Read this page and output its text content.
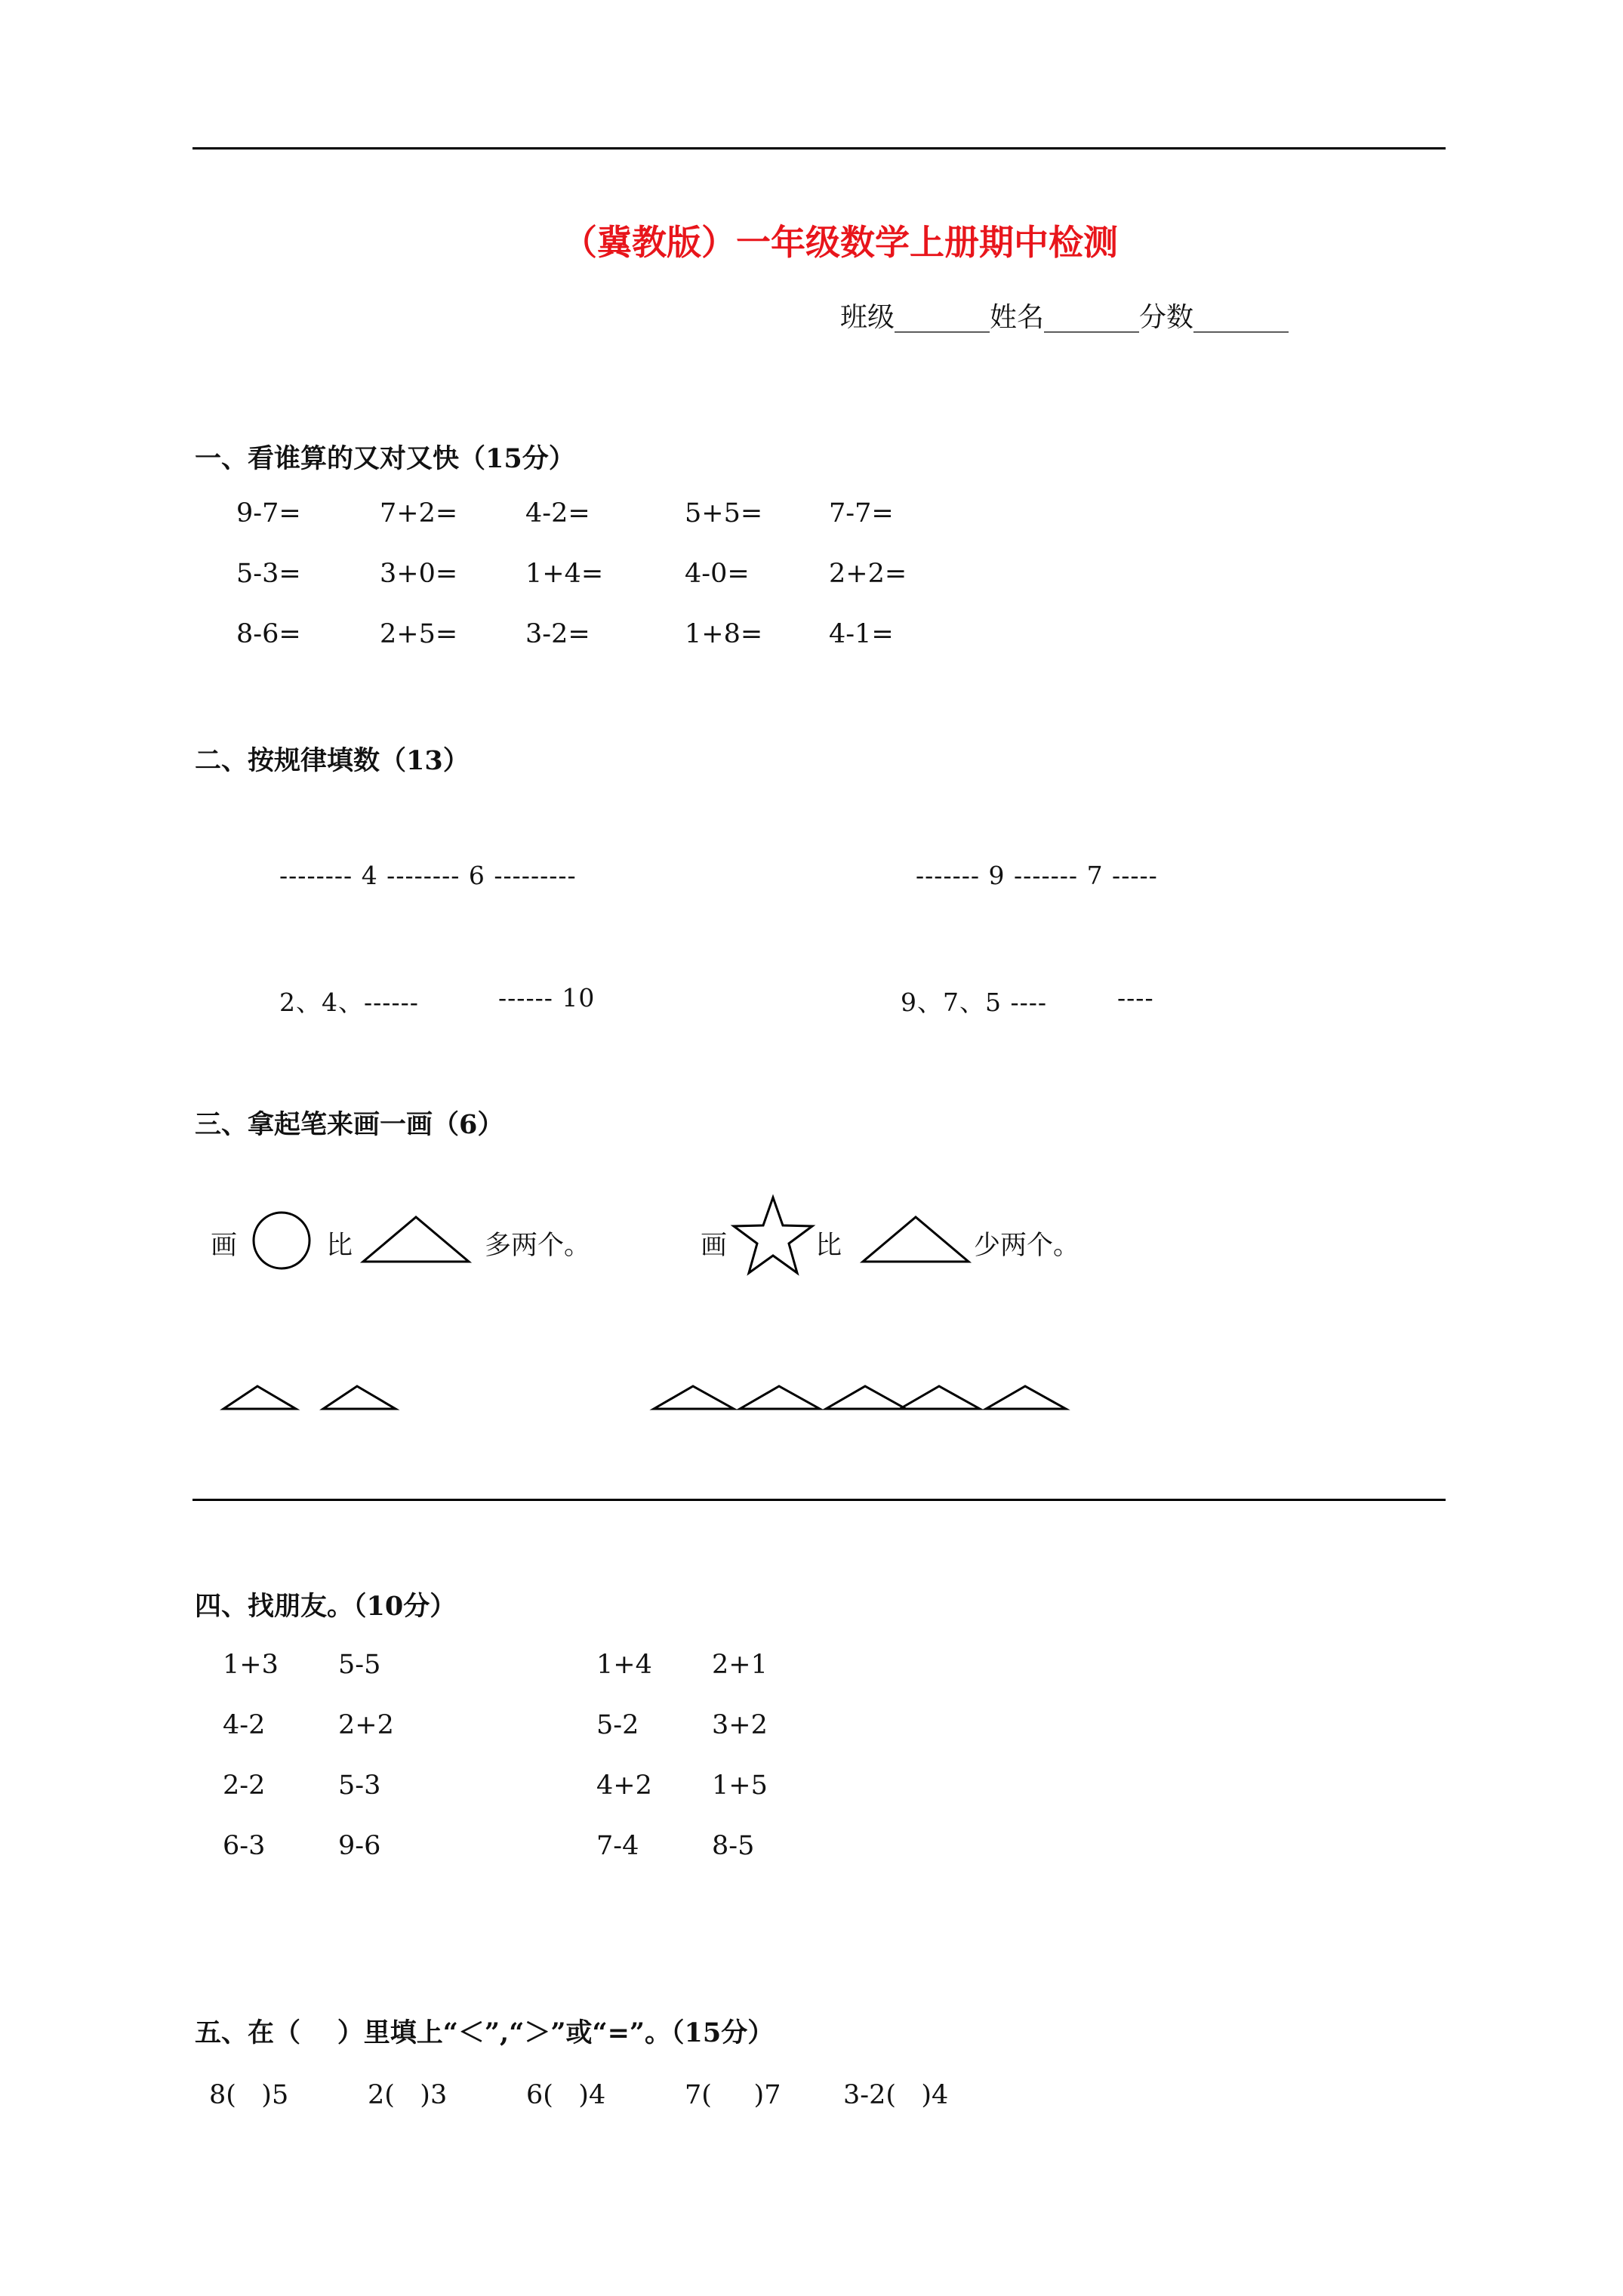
（冀教版）一年级数学上册期中检测
班级_______姓名_______分数_______
一、看谁算的又对又快（15分）
9-7=	7+2=	4-2=	5+5=	7-7=
5-3=	3+0=	1+4=	4-0=	2+2=
8-6=	2+5=	3-2=	1+8=	4-1=
二、按规律填数（13）
-------- 4 -------- 6 ---------	------- 9 ------- 7 -----
2、4、------	------ 10	9、7、5 ----	----
三、拿起笔来画一画（6）
画	比	多两个。	画	比	少两个。
四、找朋友。（10分）
1+3 5-5	1+4 2+1
4-2	2+2	5-2	3+2
2-2	5-3	4+2 1+5
6-3	9-6	7-4	8-5
五、在（    ）里填上“＜”,“＞”或“=”。（15分）
8(   )5	2(   )3	6(   )4	7(     )7 3-2(   )4
